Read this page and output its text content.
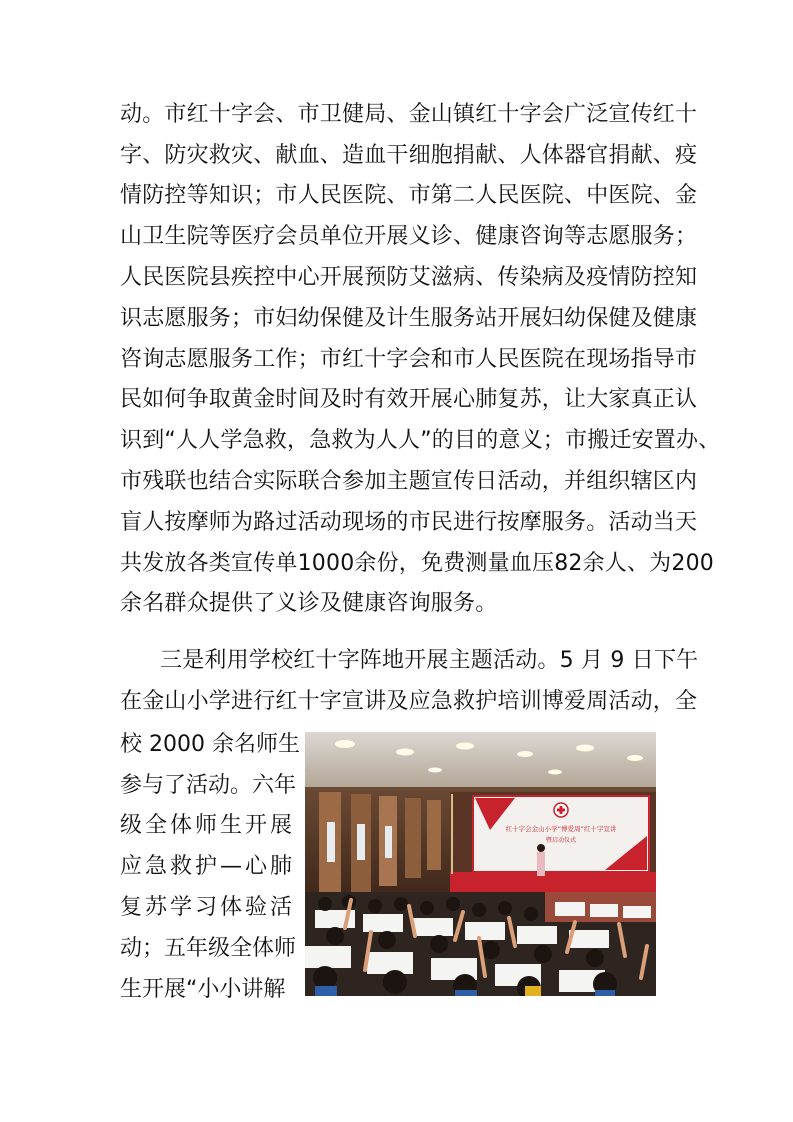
动。市红十字会、市卫健局、金山镇红十字会广泛宣传红十
字、防灾救灾、献血、造血干细胞捐献、人体器官捐献、疫
情防控等知识；市人民医院、市第二人民医院、中医院、金
山卫生院等医疗会员单位开展义诊、健康咨询等志愿服务；
人民医院县疾控中心开展预防艾滋病、传染病及疫情防控知
识志愿服务；市妇幼保健及计生服务站开展妇幼保健及健康
咨询志愿服务工作；市红十字会和市人民医院在现场指导市
民如何争取黄金时间及时有效开展心肺复苏，让大家真正认
识到“人人学急救，急救为人人”的目的意义；市搬迁安置办、
市残联也结合实际联合参加主题宣传日活动，并组织辖区内
盲人按摩师为路过活动现场的市民进行按摩服务。活动当天
共发放各类宣传单1000余份，免费测量血压82余人、为200
余名群众提供了义诊及健康咨询服务。
三是利用学校红十字阵地开展主题活动。5 月 9 日下午
在金山小学进行红十字宣讲及应急救护培训博爱周活动，全
校 2000 余名师生
参与了活动。六年
级全体师生开展
应急救护—心肺
复苏学习体验活
动；五年级全体师
生开展“小小讲解
红十字会金山小学“博爱周”红十字宣讲
暨启动仪式
